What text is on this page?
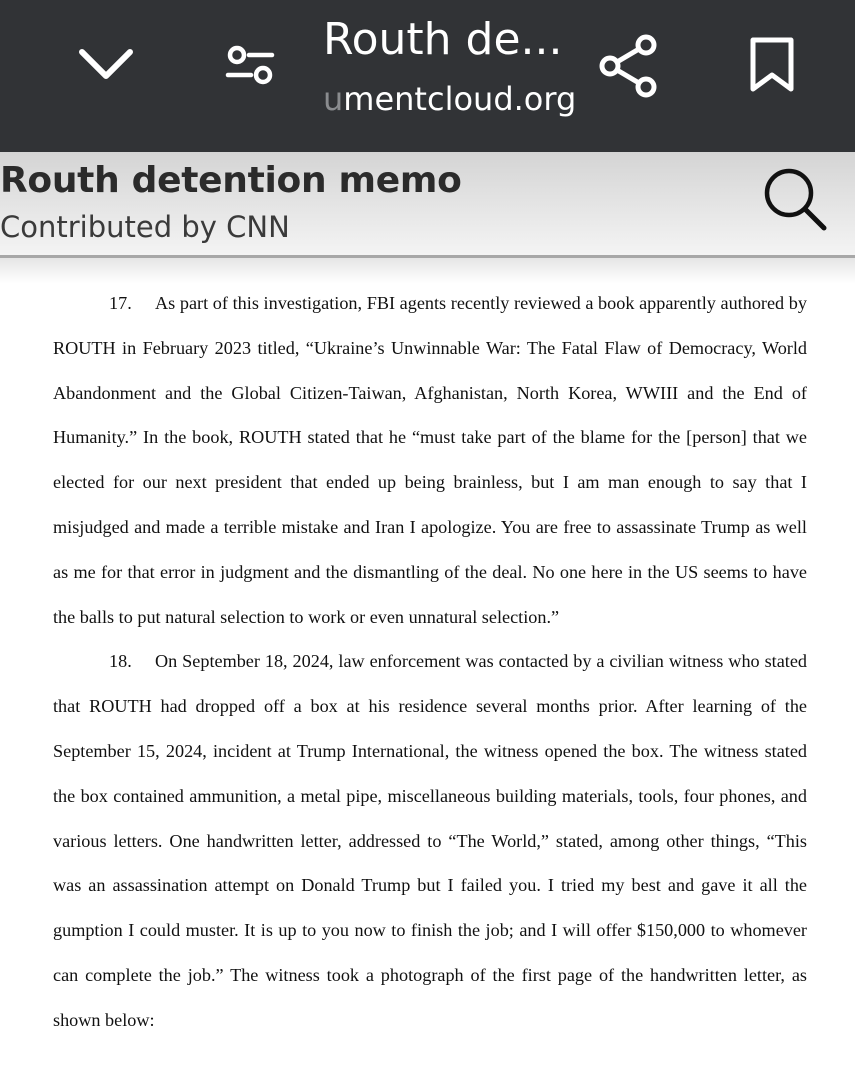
Routh de...
umentcloud.org
Routh detention memo
Contributed by CNN

17. As part of this investigation, FBI agents recently reviewed a book apparently authored by ROUTH in February 2023 titled, “Ukraine’s Unwinnable War: The Fatal Flaw of Democracy, World Abandonment and the Global Citizen-Taiwan, Afghanistan, North Korea, WWIII and the End of Humanity.” In the book, ROUTH stated that he “must take part of the blame for the [person] that we elected for our next president that ended up being brainless, but I am man enough to say that I misjudged and made a terrible mistake and Iran I apologize. You are free to assassinate Trump as well as me for that error in judgment and the dismantling of the deal. No one here in the US seems to have the balls to put natural selection to work or even unnatural selection.”

18. On September 18, 2024, law enforcement was contacted by a civilian witness who stated that ROUTH had dropped off a box at his residence several months prior. After learning of the September 15, 2024, incident at Trump International, the witness opened the box. The witness stated the box contained ammunition, a metal pipe, miscellaneous building materials, tools, four phones, and various letters. One handwritten letter, addressed to “The World,” stated, among other things, “This was an assassination attempt on Donald Trump but I failed you. I tried my best and gave it all the gumption I could muster. It is up to you now to finish the job; and I will offer $150,000 to whomever can complete the job.” The witness took a photograph of the first page of the handwritten letter, as shown below:
